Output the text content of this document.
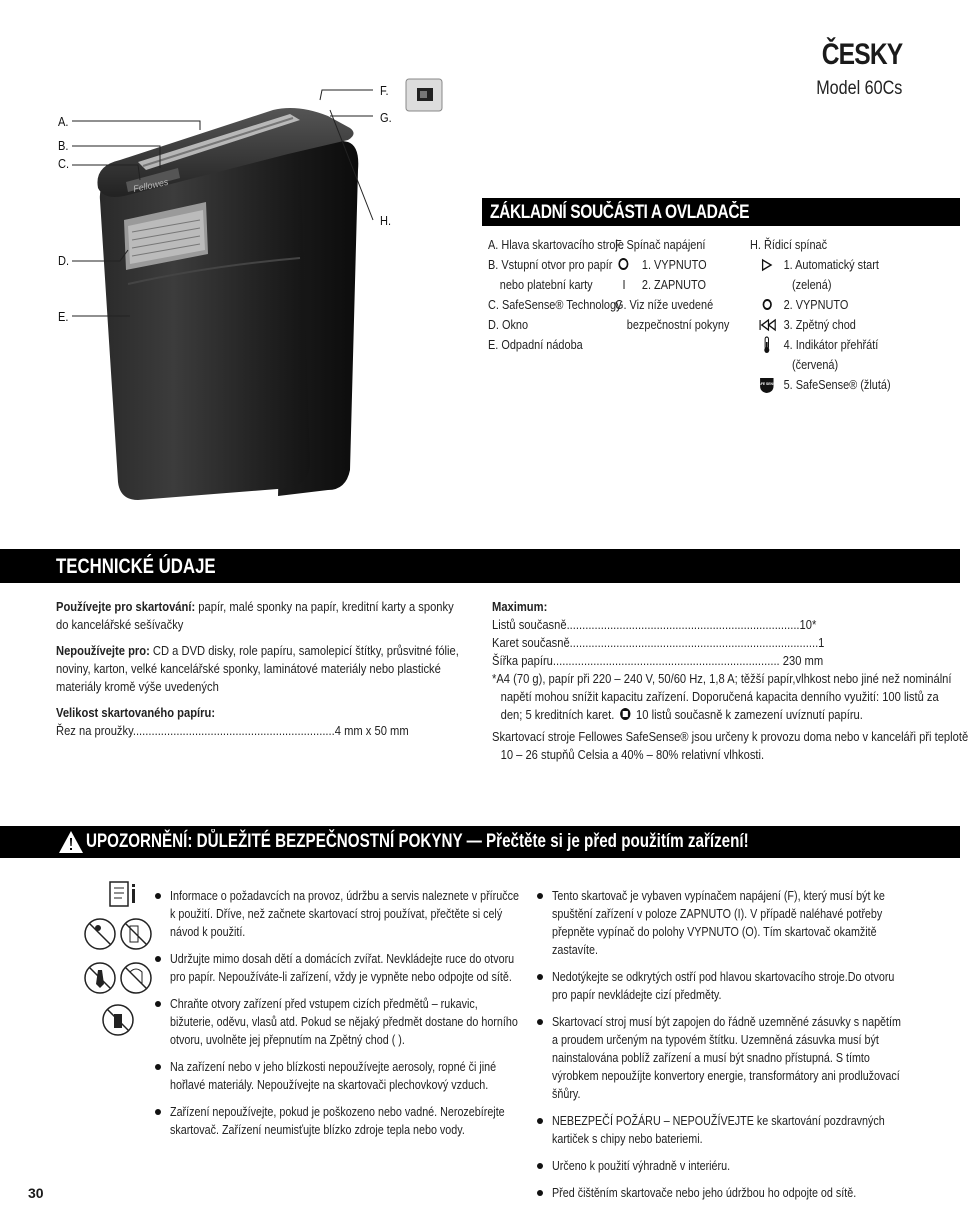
ČESKY
Model 60Cs
Fellowes
A.
B.
C.
D.
E.
F.
G.
H.	ZÁKLADNÍ SOUČÁSTI A OVLADAČE
A. Hlava skartovacího stroje
B. Vstupní otvor pro papír
nebo platební karty
C. SafeSense® Technology
D. Okno
E. Odpadní nádoba
F. Spínač napájení
1. VYPNUTO
I 2. ZAPNUTO
G. Viz níže uvedené
bezpečnostní pokyny
H. Řídicí spínač
1. Automatický start
(zelená)
2. VYPNUTO
3. Zpětný chod
4. Indikátor přehřátí
(červená)
SAFE SENSE 5. SafeSense® (žlutá)
TECHNICKÉ ÚDAJE

Používejte pro skartování: papír, malé sponky na papír, kreditní karty a sponky do kancelářské sešívačky

Nepoužívejte pro: CD a DVD disky, role papíru, samolepicí štítky, průsvitné fólie, noviny, karton, velké kancelářské sponky, laminátové materiály nebo plastické materiály kromě výše uvedených

Velikost skartovaného papíru:

Řez na proužky.................................................................4 mm x 50 mm

Maximum:

Listů současně...........................................................................10*

Karet současně................................................................................1

Šířka papíru......................................................................... 230 mm

*A4 (70 g), papír při 220 – 240 V, 50/60 Hz, 1,8 A; těžší papír,vlhkost nebo jiné než nominální

napětí mohou snížit kapacitu zařízení. Doporučená kapacita denního využití: 100 listů za

den; 5 kreditních karet. 10 listů současně k zamezení uvíznutí papíru.

Skartovací stroje Fellowes SafeSense® jsou určeny k provozu doma nebo v kanceláři při teplotě

10 – 26 stupňů Celsia a 40% – 80% relativní vlhkosti.

UPOZORNĚNÍ: DŮLEŽITÉ BEZPEČNOSTNÍ POKYNY — Přečtěte si je před použitím zařízení!
Informace o požadavcích na provoz, údržbu a servis naleznete v příručce k použití. Dříve, než začnete skartovací stroj používat, přečtěte si celý návod k použití.
Udržujte mimo dosah dětí a domácích zvířat. Nevkládejte ruce do otvoru pro papír. Nepoužíváte-li zařízení, vždy je vypněte nebo odpojte od sítě.
Chraňte otvory zařízení před vstupem cizích předmětů – rukavic, bižuterie, oděvu, vlasů atd. Pokud se nějaký předmět dostane do horního otvoru, uvolněte jej přepnutím na Zpětný chod ( ).
Na zařízení nebo v jeho blízkosti nepoužívejte aerosoly, ropné či jiné hořlavé materiály. Nepoužívejte na skartovači plechovkový vzduch.
Zařízení nepoužívejte, pokud je poškozeno nebo vadné. Nerozebírejte skartovač. Zařízení neumisťujte blízko zdroje tepla nebo vody.
Tento skartovač je vybaven vypínačem napájení (F), který musí být ke spuštění zařízení v poloze ZAPNUTO (I). V případě naléhavé potřeby přepněte vypínač do polohy VYPNUTO (O). Tím skartovač okamžitě zastavíte.
Nedotýkejte se odkrytých ostří pod hlavou skartovacího stroje.Do otvoru pro papír nevkládejte cizí předměty.
Skartovací stroj musí být zapojen do řádně uzemněné zásuvky s napětím a proudem určeným na typovém štítku. Uzemněná zásuvka musí být nainstalována poblíž zařízení a musí být snadno přístupná. S tímto výrobkem nepoužíjte konvertory energie, transformátory ani prodlužovací šňůry.
NEBEZPEČÍ POŽÁRU – NEPOUŽÍVEJTE ke skartování pozdravných kartiček s chipy nebo bateriemi.
Určeno k použití výhradně v interiéru.
Před čištěním skartovače nebo jeho údržbou ho odpojte od sítě.
30
